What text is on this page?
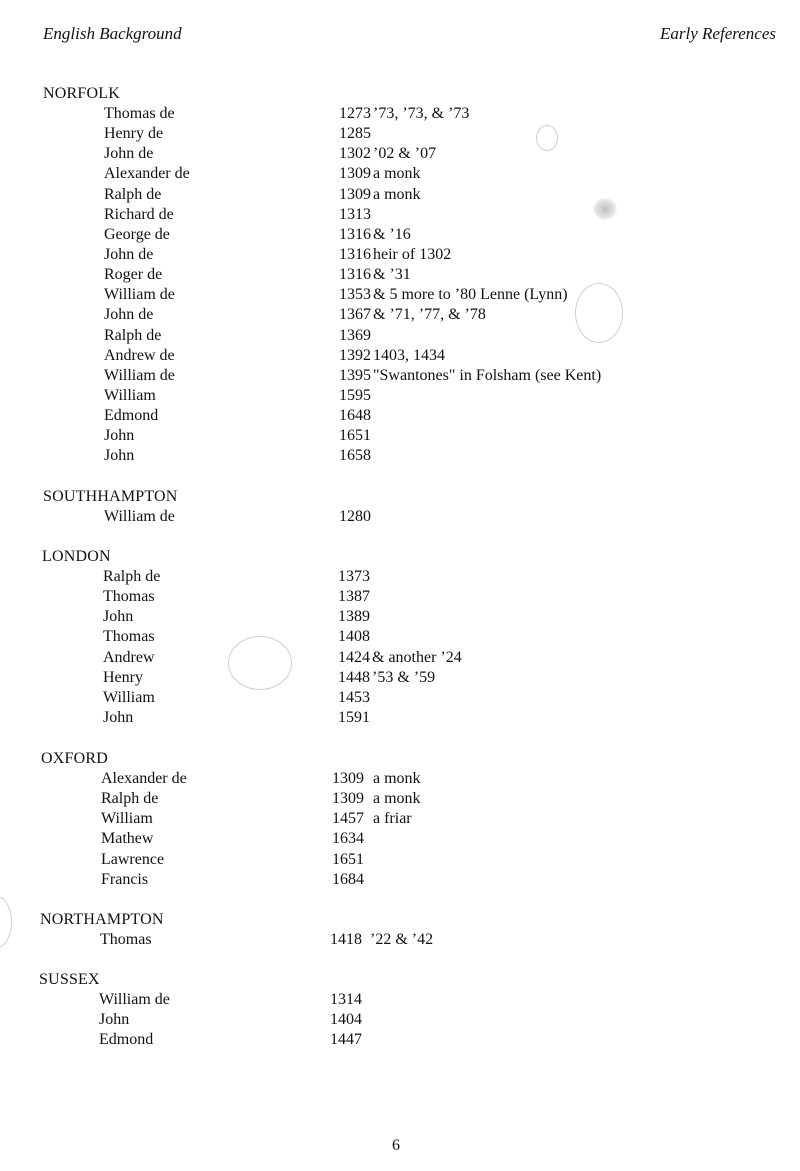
English Background	Early References
NORFOLK
Thomas de	1273 ’73, ’73, & ’73
Henry de	1285
John de	1302 ’02 & ’07
Alexander de	1309 a monk
Ralph de	1309 a monk
Richard de	1313
George de	1316 & ’16
John de	1316 heir of 1302
Roger de	1316 & ’31
William de	1353 & 5 more to ’80 Lenne (Lynn)
John de	1367 & ’71, ’77, & ’78
Ralph de	1369
Andrew de	1392 1403, 1434
William de	1395 "Swantones" in Folsham (see Kent)
William	1595
Edmond	1648
John	1651
John	1658
SOUTHHAMPTON
William de	1280
LONDON
Ralph de	1373
Thomas	1387
John	1389
Thomas	1408
Andrew	1424 & another ’24
Henry	1448 ’53 & ’59
William	1453
John	1591
OXFORD
Alexander de	1309 a monk
Ralph de	1309 a monk
William	1457 a friar
Mathew	1634
Lawrence	1651
Francis	1684
NORTHAMPTON
Thomas	1418 ’22 & ’42
SUSSEX
William de	1314
John	1404
Edmond	1447
6
